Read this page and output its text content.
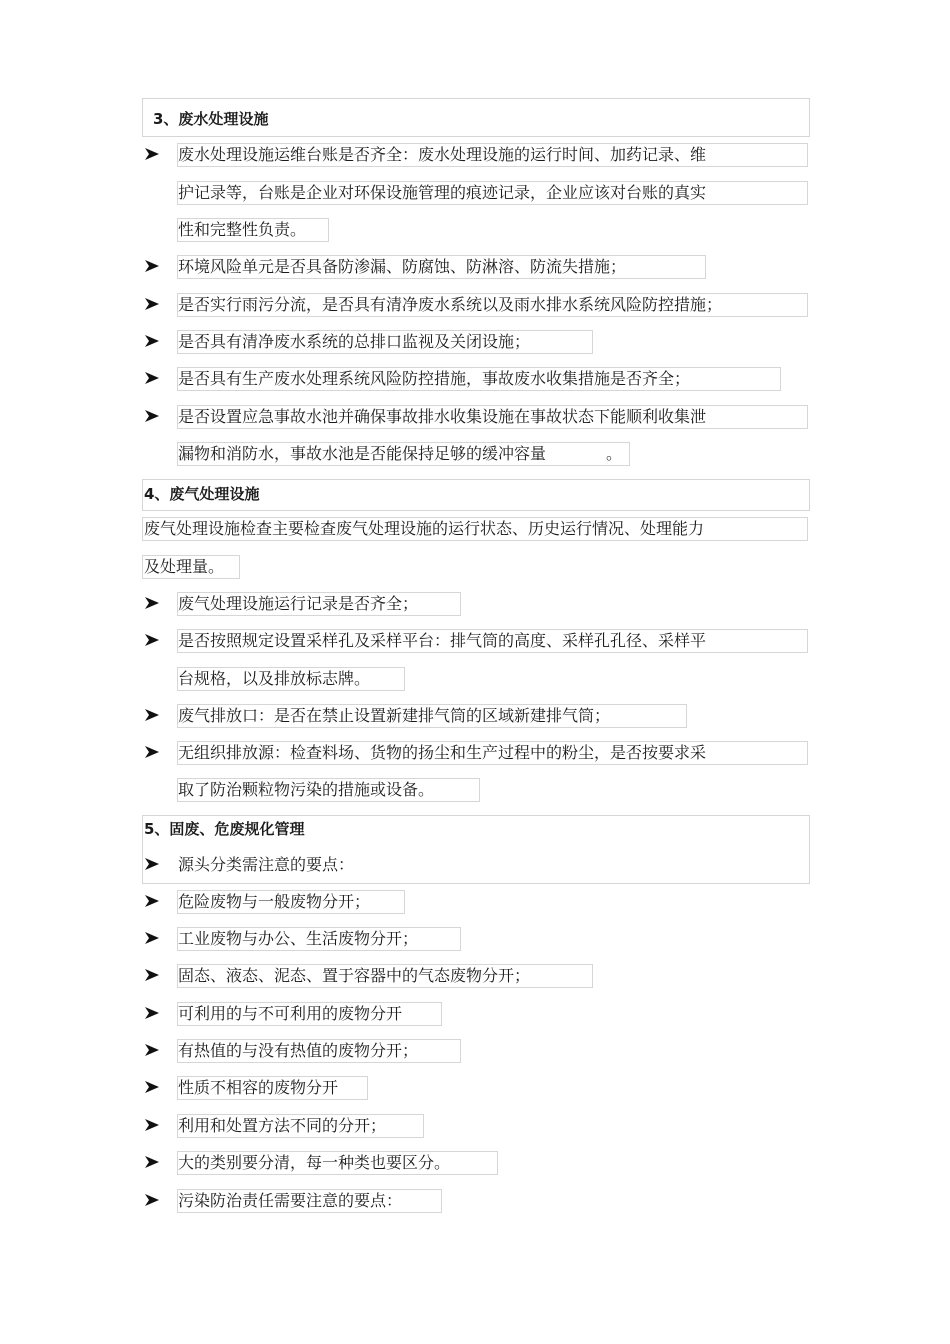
3、废水处理设施
废水处理设施运维台账是否齐全：废水处理设施的运行时间、加药记录、维
护记录等，台账是企业对环保设施管理的痕迹记录，企业应该对台账的真实
性和完整性负责。
环境风险单元是否具备防渗漏、防腐蚀、防淋溶、防流失措施；
是否实行雨污分流，是否具有清净废水系统以及雨水排水系统风险防控措施；
是否具有清净废水系统的总排口监视及关闭设施；
是否具有生产废水处理系统风险防控措施，事故废水收集措施是否齐全；
是否设置应急事故水池并确保事故排水收集设施在事故状态下能顺利收集泄
漏物和消防水，事故水池是否能保持足够的缓冲容量	。
4、废气处理设施
废气处理设施检查主要检查废气处理设施的运行状态、历史运行情况、处理能力
及处理量。
废气处理设施运行记录是否齐全；
是否按照规定设置采样孔及采样平台：排气筒的高度、采样孔孔径、采样平
台规格，以及排放标志牌。
废气排放口：是否在禁止设置新建排气筒的区域新建排气筒；
无组织排放源：检查料场、货物的扬尘和生产过程中的粉尘，是否按要求采
取了防治颗粒物污染的措施或设备。
5、固废、危废规化管理
源头分类需注意的要点：
危险废物与一般废物分开；
工业废物与办公、生活废物分开；
固态、液态、泥态、置于容器中的气态废物分开；
可利用的与不可利用的废物分开
有热值的与没有热值的废物分开；
性质不相容的废物分开
利用和处置方法不同的分开；
大的类别要分清，每一种类也要区分。
污染防治责任需要注意的要点：
